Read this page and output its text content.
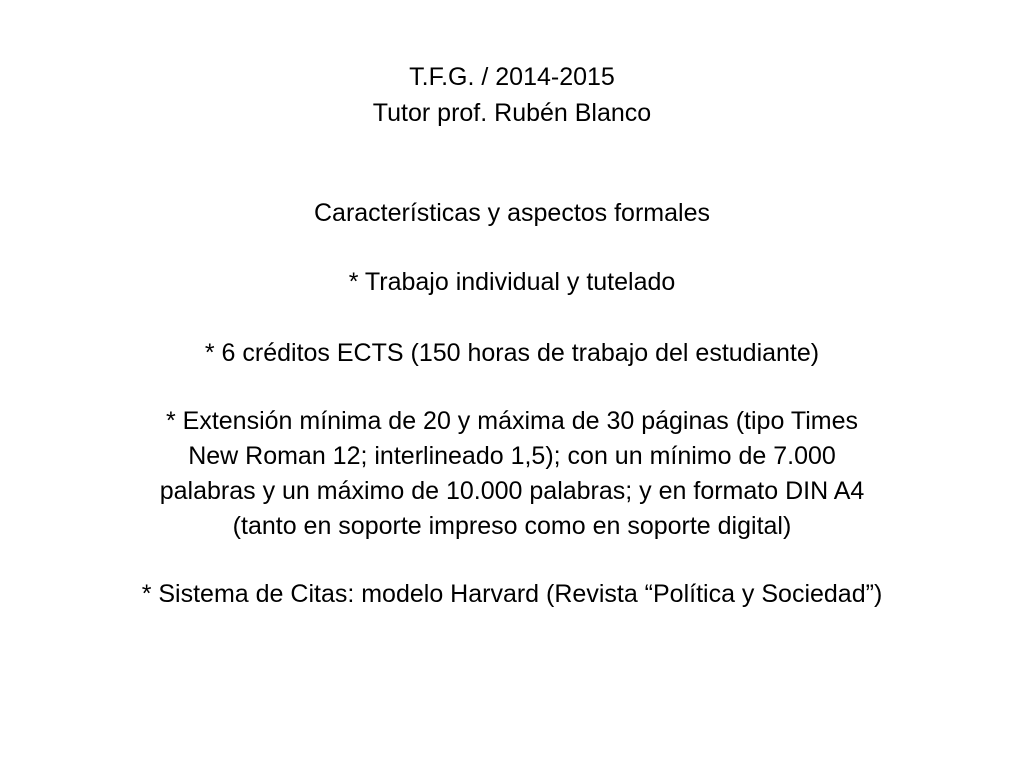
T.F.G. / 2014-2015
Tutor prof. Rubén Blanco
Características y aspectos formales
* Trabajo individual y tutelado
* 6 créditos ECTS (150 horas de trabajo del estudiante)
* Extensión mínima de 20 y máxima de 30 páginas (tipo Times
New Roman 12; interlineado 1,5); con un mínimo de 7.000
palabras y un máximo de 10.000 palabras; y en formato DIN A4
(tanto en soporte impreso como en soporte digital)
* Sistema de Citas: modelo Harvard (Revista “Política y Sociedad”)
